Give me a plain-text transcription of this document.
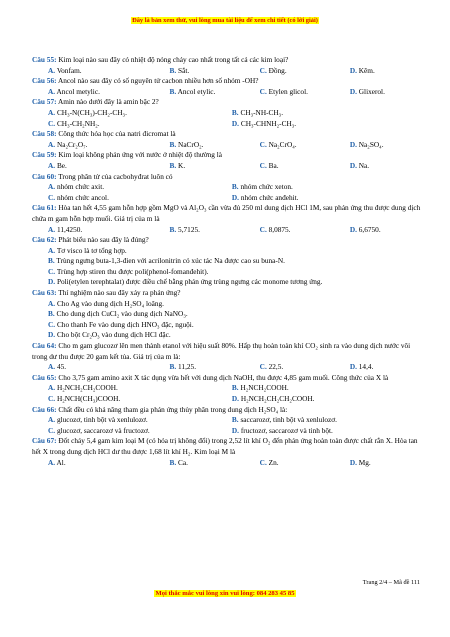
Đây là bản xem thử, vui lòng mua tài liệu để xem chi tiết (có lời giải)
Câu 55: Kim loại nào sau đây có nhiệt độ nóng chảy cao nhất trong tất cả các kim loại?
A. Vonfam.	B. Sắt.	C. Đồng.	D. Kẽm.
Câu 56: Ancol nào sau đây có số nguyên tử cacbon nhiều hơn số nhóm -OH?
A. Ancol metylic.	B. Ancol etylic.	C. Etylen glicol.	D. Glixerol.
Câu 57: Amin nào dưới đây là amin bậc 2?
A. CH₃-N(CH₃)-CH₂-CH₃.	B. CH₃-NH-CH₃.
C. CH₃-CH₂NH₂.	D. CH₃-CHNH₂-CH₃.
Câu 58: Công thức hóa học của natri đicromat là
A. Na₂Cr₂O₇.	B. NaCrO₂.	C. Na₂CrO₄.	D. Na₂SO₄.
Câu 59: Kim loại không phản ứng với nước ở nhiệt độ thường là
A. Be.	B. K.	C. Ba.	D. Na.
Câu 60: Trong phân tử của cacbohyđrat luôn có
A. nhóm chức axit.	B. nhóm chức xeton.
C. nhóm chức ancol.	D. nhóm chức anđehit.
Câu 61: Hòa tan hết 4,55 gam hỗn hợp gồm MgO và Al₂O₃ cần vừa đủ 250 ml dung dịch HCl 1M, sau phản ứng thu được dung dịch chứa m gam hỗn hợp muối. Giá trị của m là
A. 11,4250.	B. 5,7125.	C. 8,0875.	D. 6,6750.
Câu 62: Phát biểu nào sau đây là đúng?
A. Tơ visco là tơ tổng hợp.
B. Trùng ngưng buta-1,3-đien với acrilonitrin có xúc tác Na được cao su buna-N.
C. Trùng hợp stiren thu được poli(phenol-fomanđehit).
D. Poli(etylen terephtalat) được điều chế bằng phản ứng trùng ngưng các monome tương ứng.
Câu 63: Thí nghiệm nào sau đây xảy ra phản ứng?
A. Cho Ag vào dung dịch H₂SO₄ loãng.
B. Cho dung dịch CuCl₂ vào dung dịch NaNO₃.
C. Cho thanh Fe vào dung dịch HNO₃ đặc, nguội.
D. Cho bột Cr₂O₃ vào dung dịch HCl đặc.
Câu 64: Cho m gam glucozơ lên men thành etanol với hiệu suất 80%. Hấp thụ hoàn toàn khí CO₂ sinh ra vào dung dịch nước vôi trong dư thu được 20 gam kết tủa. Giá trị của m là:
A. 45.	B. 11,25.	C. 22,5.	D. 14,4.
Câu 65: Cho 3,75 gam amino axit X tác dụng vừa hết với dung dịch NaOH, thu được 4,85 gam muối. Công thức của X là
A. H₂NCH₂CH₂COOH.	B. H₂NCH₂COOH.
C. H₂NCH(CH₃)COOH.	D. H₂NCH₂CH₂CH₂COOH.
Câu 66: Chất đều có khả năng tham gia phản ứng thủy phân trong dung dịch H₂SO₄ là:
A. glucozơ, tinh bột và xenlulozơ.	B. saccarozơ, tinh bột và xenlulozơ.
C. glucozơ, saccarozơ và fructozơ.	D. fructozơ, saccarozơ và tinh bột.
Câu 67: Đốt cháy 5,4 gam kim loại M (có hóa trị không đổi) trong 2,52 lít khí O₂ đến phản ứng hoàn toàn được chất rắn X. Hòa tan hết X trong dung dịch HCl dư thu được 1,68 lít khí H₂. Kim loại M là
A. Al.	B. Ca.	C. Zn.	D. Mg.
Trang 2/4 – Mã đề 111
Mọi thắc mắc vui lòng xin vui lòng: 084 283 45 85
